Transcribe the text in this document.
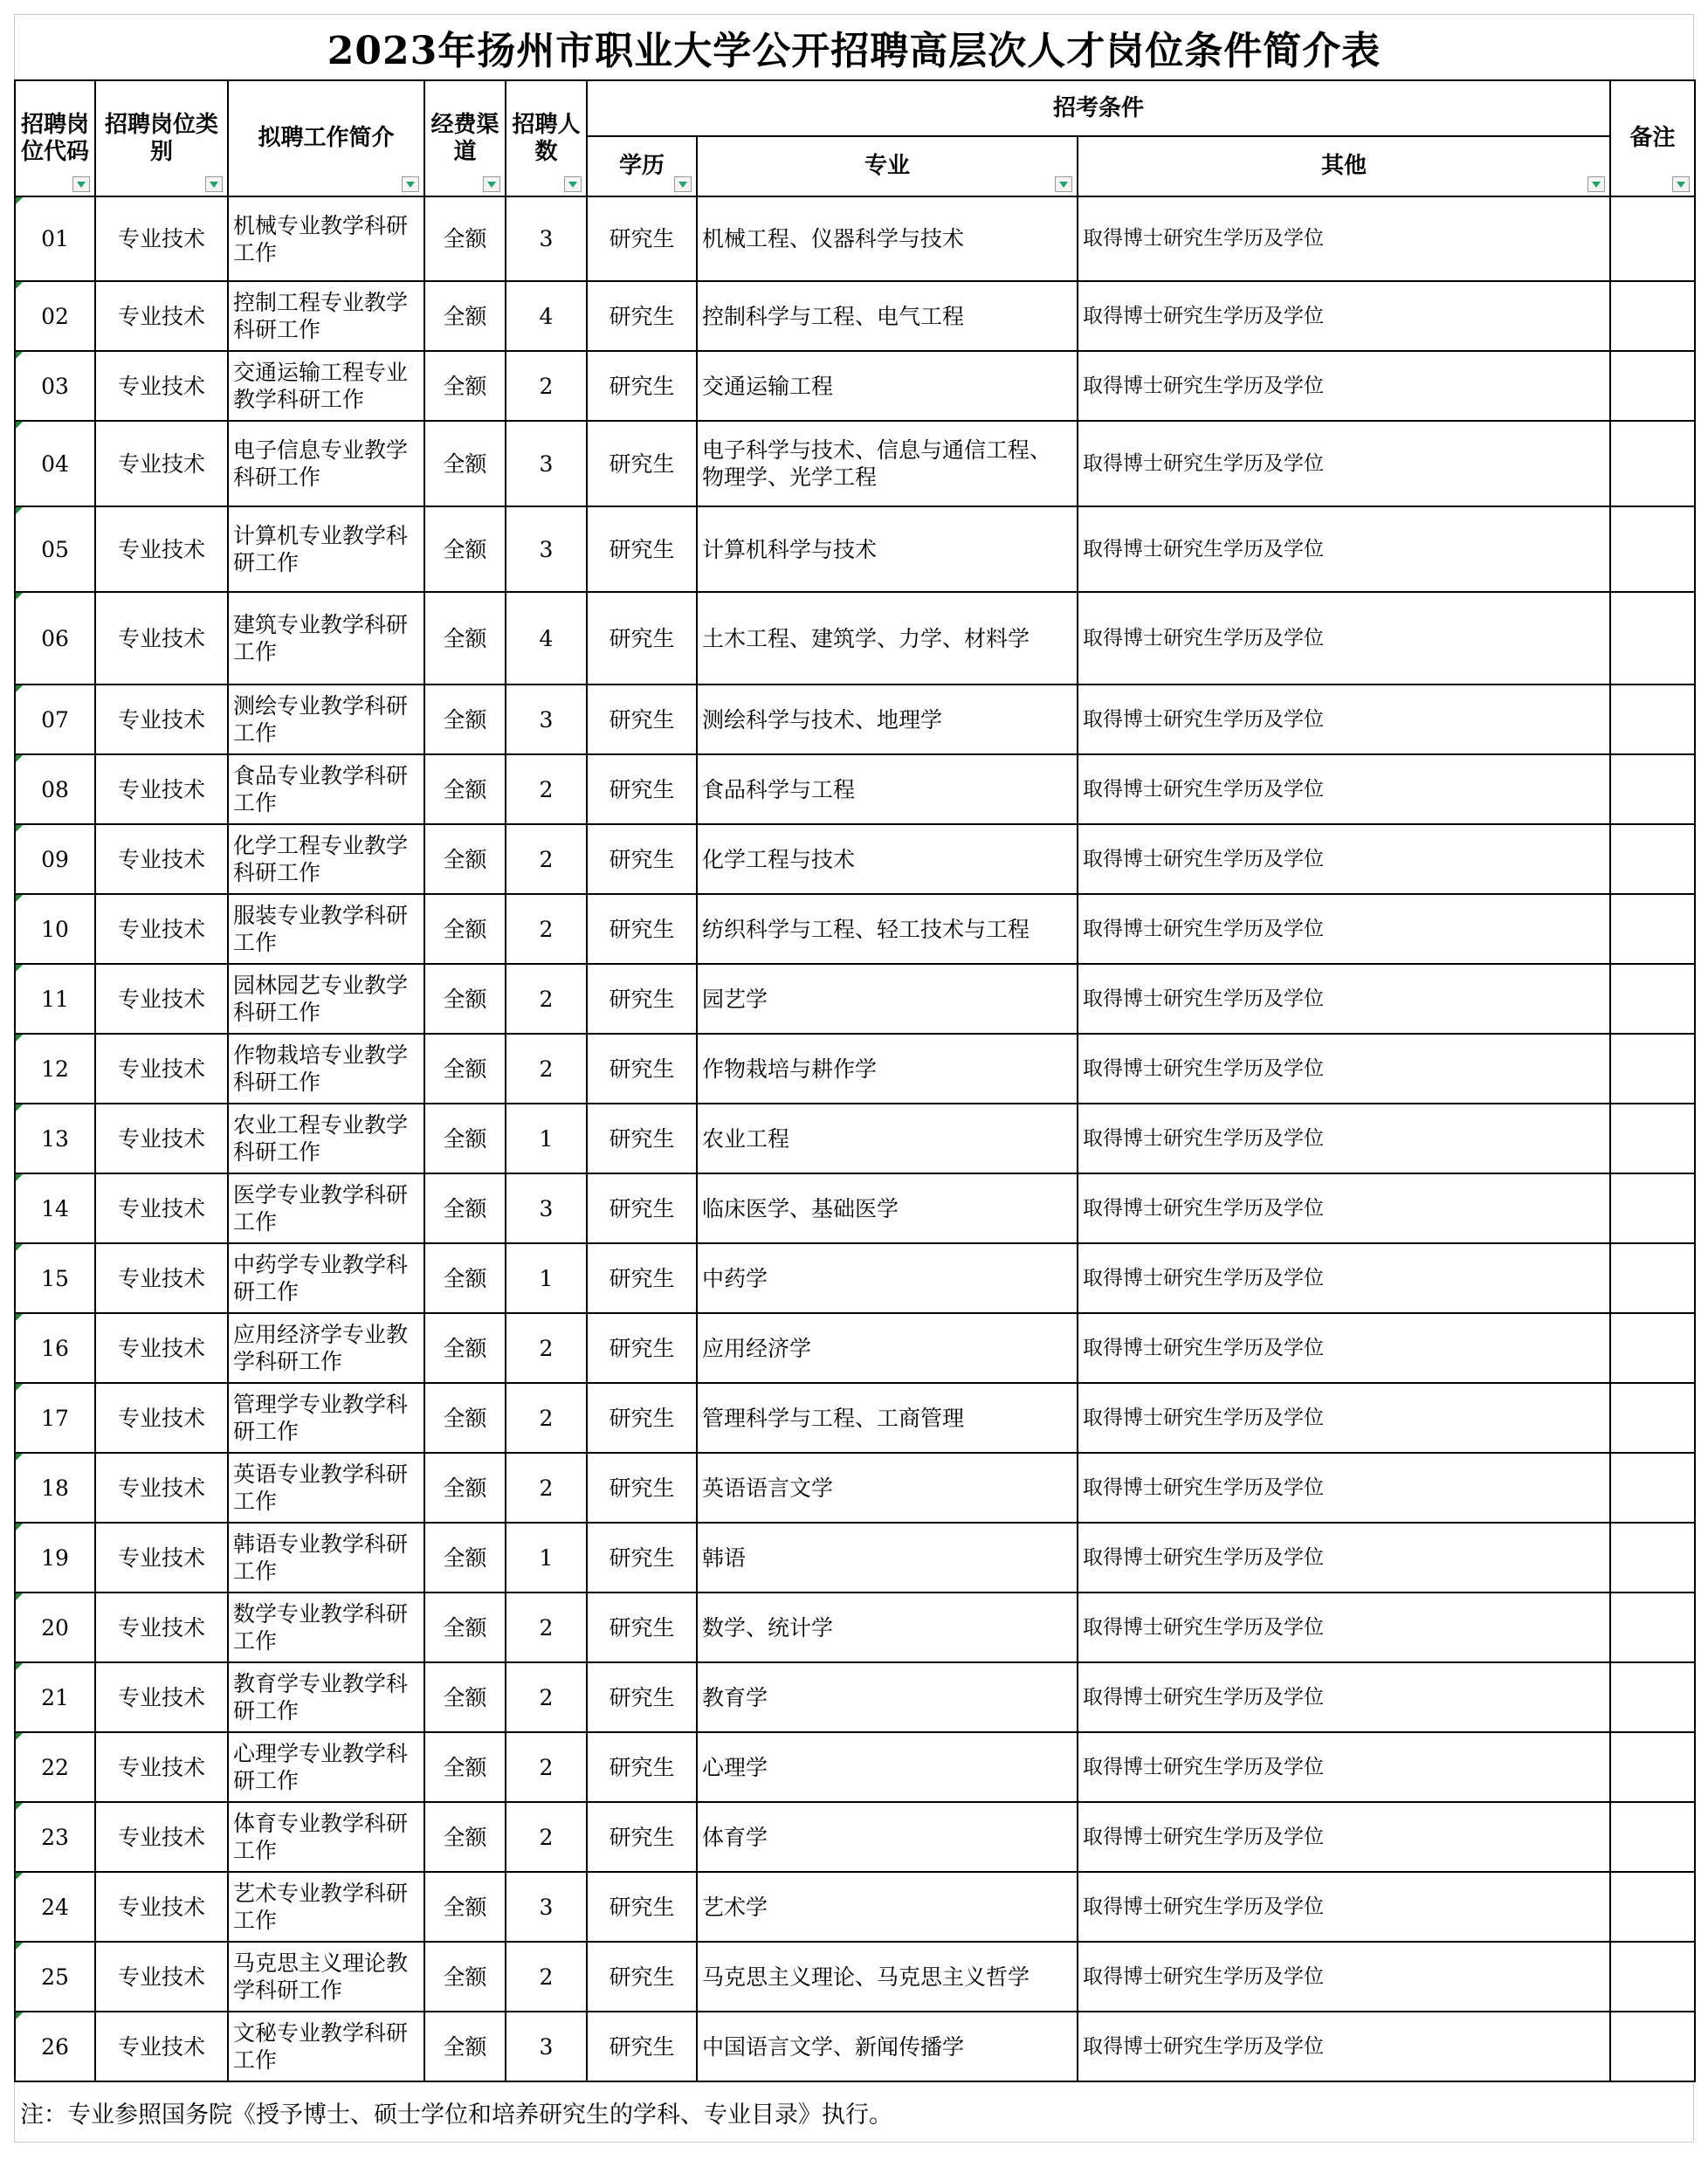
2023年扬州市职业大学公开招聘高层次人才岗位条件简介表
招聘岗位代码	招聘岗位类别	拟聘工作简介	经费渠道	招聘人数	招考条件			备注

					学历	专业	其他	

01	专业技术	机械专业教学科研工作	全额	3	研究生	机械工程、仪器科学与技术	取得博士研究生学历及学位	
02	专业技术	控制工程专业教学科研工作	全额	4	研究生	控制科学与工程、电气工程	取得博士研究生学历及学位	
03	专业技术	交通运输工程专业教学科研工作	全额	2	研究生	交通运输工程	取得博士研究生学历及学位	
04	专业技术	电子信息专业教学科研工作	全额	3	研究生	电子科学与技术、信息与通信工程、物理学、光学工程	取得博士研究生学历及学位	
05	专业技术	计算机专业教学科研工作	全额	3	研究生	计算机科学与技术	取得博士研究生学历及学位	
06	专业技术	建筑专业教学科研工作	全额	4	研究生	土木工程、建筑学、力学、材料学	取得博士研究生学历及学位	
07	专业技术	测绘专业教学科研工作	全额	3	研究生	测绘科学与技术、地理学	取得博士研究生学历及学位	
08	专业技术	食品专业教学科研工作	全额	2	研究生	食品科学与工程	取得博士研究生学历及学位	
09	专业技术	化学工程专业教学科研工作	全额	2	研究生	化学工程与技术	取得博士研究生学历及学位	
10	专业技术	服装专业教学科研工作	全额	2	研究生	纺织科学与工程、轻工技术与工程	取得博士研究生学历及学位	
11	专业技术	园林园艺专业教学科研工作	全额	2	研究生	园艺学	取得博士研究生学历及学位	
12	专业技术	作物栽培专业教学科研工作	全额	2	研究生	作物栽培与耕作学	取得博士研究生学历及学位	
13	专业技术	农业工程专业教学科研工作	全额	1	研究生	农业工程	取得博士研究生学历及学位	
14	专业技术	医学专业教学科研工作	全额	3	研究生	临床医学、基础医学	取得博士研究生学历及学位	
15	专业技术	中药学专业教学科研工作	全额	1	研究生	中药学	取得博士研究生学历及学位	
16	专业技术	应用经济学专业教学科研工作	全额	2	研究生	应用经济学	取得博士研究生学历及学位	
17	专业技术	管理学专业教学科研工作	全额	2	研究生	管理科学与工程、工商管理	取得博士研究生学历及学位	
18	专业技术	英语专业教学科研工作	全额	2	研究生	英语语言文学	取得博士研究生学历及学位	
19	专业技术	韩语专业教学科研工作	全额	1	研究生	韩语	取得博士研究生学历及学位	
20	专业技术	数学专业教学科研工作	全额	2	研究生	数学、统计学	取得博士研究生学历及学位	
21	专业技术	教育学专业教学科研工作	全额	2	研究生	教育学	取得博士研究生学历及学位	
22	专业技术	心理学专业教学科研工作	全额	2	研究生	心理学	取得博士研究生学历及学位	
23	专业技术	体育专业教学科研工作	全额	2	研究生	体育学	取得博士研究生学历及学位	
24	专业技术	艺术专业教学科研工作	全额	3	研究生	艺术学	取得博士研究生学历及学位	
25	专业技术	马克思主义理论教学科研工作	全额	2	研究生	马克思主义理论、马克思主义哲学	取得博士研究生学历及学位	
26	专业技术	文秘专业教学科研工作	全额	3	研究生	中国语言文学、新闻传播学	取得博士研究生学历及学位	
注：专业参照国务院《授予博士、硕士学位和培养研究生的学科、专业目录》执行。
